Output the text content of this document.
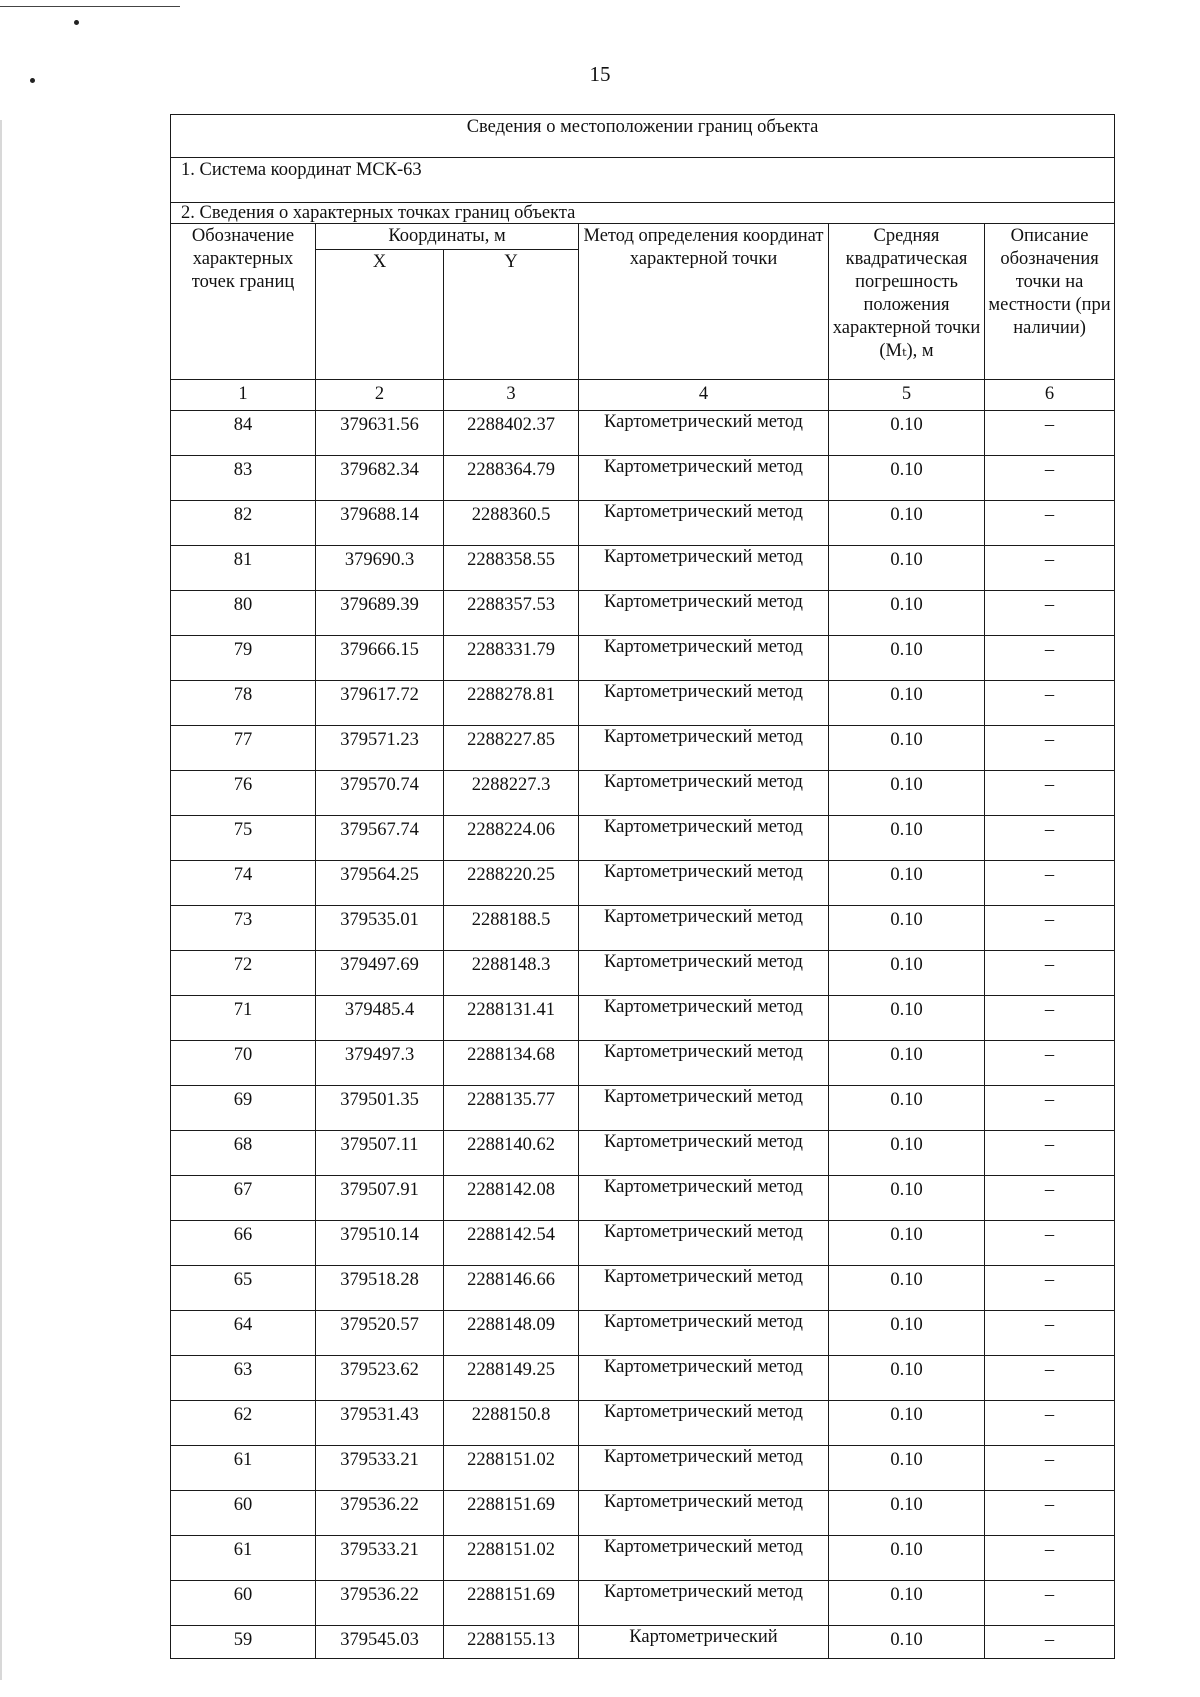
15
Сведения о местоположении границ объекта					
1. Система координат МСК-63					
2. Сведения о характерных точках границ объекта					
Обозначение характерных точек границ	Координаты, м		Метод определения координат характерной точки	Средняя квадратическая погрешность положения характерной точки (Mₜ), м	Описание обозначения точки на местности (при наличии)
	X	Y			
1	2	3	4	5	6
84	379631.56	2288402.37	Картометрический метод	0.10	–
83	379682.34	2288364.79	Картометрический метод	0.10	–
82	379688.14	2288360.5	Картометрический метод	0.10	–
81	379690.3	2288358.55	Картометрический метод	0.10	–
80	379689.39	2288357.53	Картометрический метод	0.10	–
79	379666.15	2288331.79	Картометрический метод	0.10	–
78	379617.72	2288278.81	Картометрический метод	0.10	–
77	379571.23	2288227.85	Картометрический метод	0.10	–
76	379570.74	2288227.3	Картометрический метод	0.10	–
75	379567.74	2288224.06	Картометрический метод	0.10	–
74	379564.25	2288220.25	Картометрический метод	0.10	–
73	379535.01	2288188.5	Картометрический метод	0.10	–
72	379497.69	2288148.3	Картометрический метод	0.10	–
71	379485.4	2288131.41	Картометрический метод	0.10	–
70	379497.3	2288134.68	Картометрический метод	0.10	–
69	379501.35	2288135.77	Картометрический метод	0.10	–
68	379507.11	2288140.62	Картометрический метод	0.10	–
67	379507.91	2288142.08	Картометрический метод	0.10	–
66	379510.14	2288142.54	Картометрический метод	0.10	–
65	379518.28	2288146.66	Картометрический метод	0.10	–
64	379520.57	2288148.09	Картометрический метод	0.10	–
63	379523.62	2288149.25	Картометрический метод	0.10	–
62	379531.43	2288150.8	Картометрический метод	0.10	–
61	379533.21	2288151.02	Картометрический метод	0.10	–
60	379536.22	2288151.69	Картометрический метод	0.10	–
61	379533.21	2288151.02	Картометрический метод	0.10	–
60	379536.22	2288151.69	Картометрический метод	0.10	–
59	379545.03	2288155.13	Картометрический	0.10	–
